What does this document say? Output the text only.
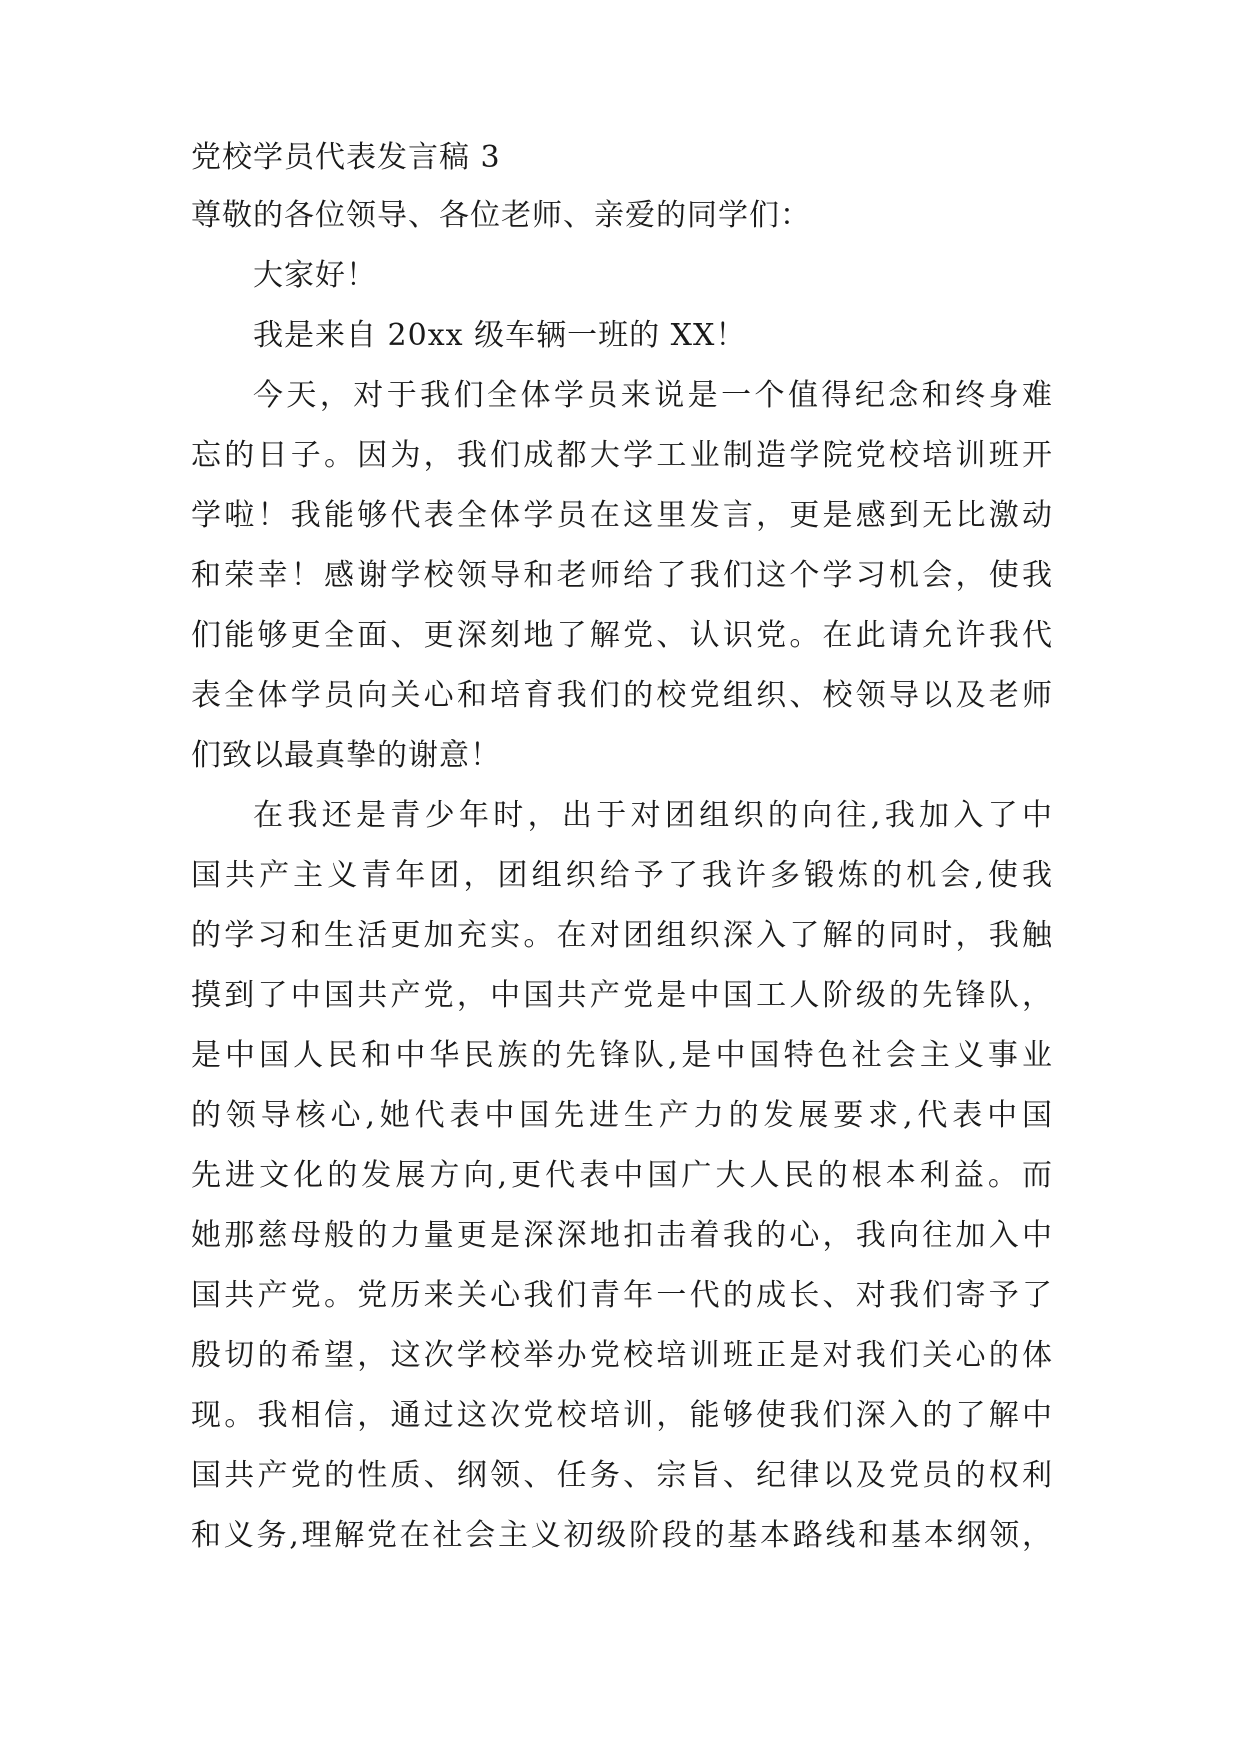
党校学员代表发言稿 3
尊敬的各位领导、各位老师、亲爱的同学们：
大家好！
我是来自 20xx 级车辆一班的 XX！
今天，对于我们全体学员来说是一个值得纪念和终身难
忘的日子。因为，我们成都大学工业制造学院党校培训班开
学啦！我能够代表全体学员在这里发言，更是感到无比激动
和荣幸！感谢学校领导和老师给了我们这个学习机会，使我
们能够更全面、更深刻地了解党、认识党。在此请允许我代
表全体学员向关心和培育我们的校党组织、校领导以及老师
们致以最真挚的谢意！
在我还是青少年时，出于对团组织的向往,我加入了中
国共产主义青年团，团组织给予了我许多锻炼的机会,使我
的学习和生活更加充实。在对团组织深入了解的同时，我触
摸到了中国共产党，中国共产党是中国工人阶级的先锋队，
是中国人民和中华民族的先锋队,是中国特色社会主义事业
的领导核心,她代表中国先进生产力的发展要求,代表中国
先进文化的发展方向,更代表中国广大人民的根本利益。而
她那慈母般的力量更是深深地扣击着我的心，我向往加入中
国共产党。党历来关心我们青年一代的成长、对我们寄予了
殷切的希望，这次学校举办党校培训班正是对我们关心的体
现。我相信，通过这次党校培训，能够使我们深入的了解中
国共产党的性质、纲领、任务、宗旨、纪律以及党员的权利
和义务,理解党在社会主义初级阶段的基本路线和基本纲领，
